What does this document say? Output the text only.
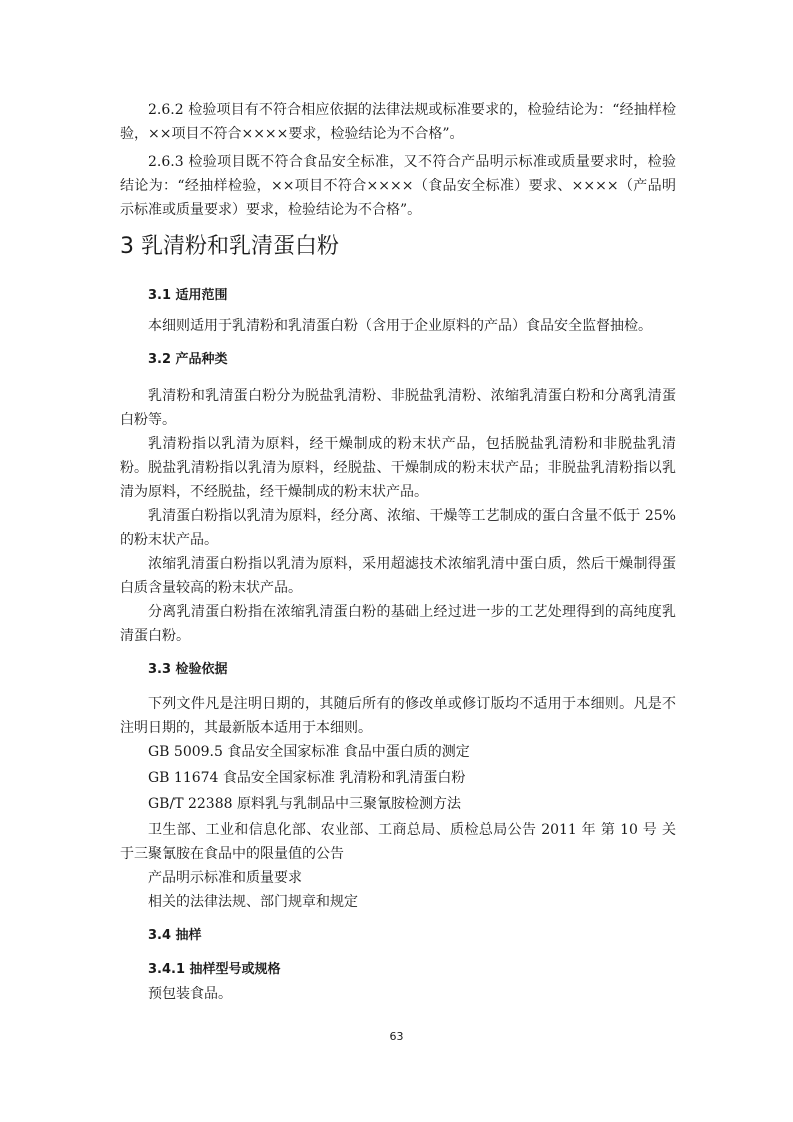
2.6.2 检验项目有不符合相应依据的法律法规或标准要求的，检验结论为：“经抽样检验，××项目不符合××××要求，检验结论为不合格”。

2.6.3 检验项目既不符合食品安全标准，又不符合产品明示标准或质量要求时，检验结论为：“经抽样检验，××项目不符合××××（食品安全标准）要求、××××（产品明示标准或质量要求）要求，检验结论为不合格”。

3 乳清粉和乳清蛋白粉
3.1 适用范围

本细则适用于乳清粉和乳清蛋白粉（含用于企业原料的产品）食品安全监督抽检。

3.2 产品种类

乳清粉和乳清蛋白粉分为脱盐乳清粉、非脱盐乳清粉、浓缩乳清蛋白粉和分离乳清蛋白粉等。

乳清粉指以乳清为原料，经干燥制成的粉末状产品，包括脱盐乳清粉和非脱盐乳清粉。 脱盐乳清粉指以乳清为原料，经脱盐、干燥制成的粉末状产品；非脱盐乳清粉指以乳清为原料，不经脱盐，经干燥制成的粉末状产品。

乳清蛋白粉指以乳清为原料，经分离、浓缩、干燥等工艺制成的蛋白含量不低于 25%的粉末状产品。

浓缩乳清蛋白粉指以乳清为原料，采用超滤技术浓缩乳清中蛋白质，然后干燥制得蛋白质含量较高的粉末状产品。

分离乳清蛋白粉指在浓缩乳清蛋白粉的基础上经过进一步的工艺处理得到的高纯度乳清蛋白粉。

3.3 检验依据

下列文件凡是注明日期的，其随后所有的修改单或修订版均不适用于本细则。凡是不注明日期的，其最新版本适用于本细则。

GB 5009.5 食品安全国家标准 食品中蛋白质的测定

GB 11674 食品安全国家标准 乳清粉和乳清蛋白粉

GB/T 22388 原料乳与乳制品中三聚氰胺检测方法

卫生部、工业和信息化部、农业部、工商总局、质检总局公告 2011 年 第 10 号 关于三聚氰胺在食品中的限量值的公告

产品明示标准和质量要求

相关的法律法规、部门规章和规定

3.4 抽样
3.4.1 抽样型号或规格

预包装食品。

63
